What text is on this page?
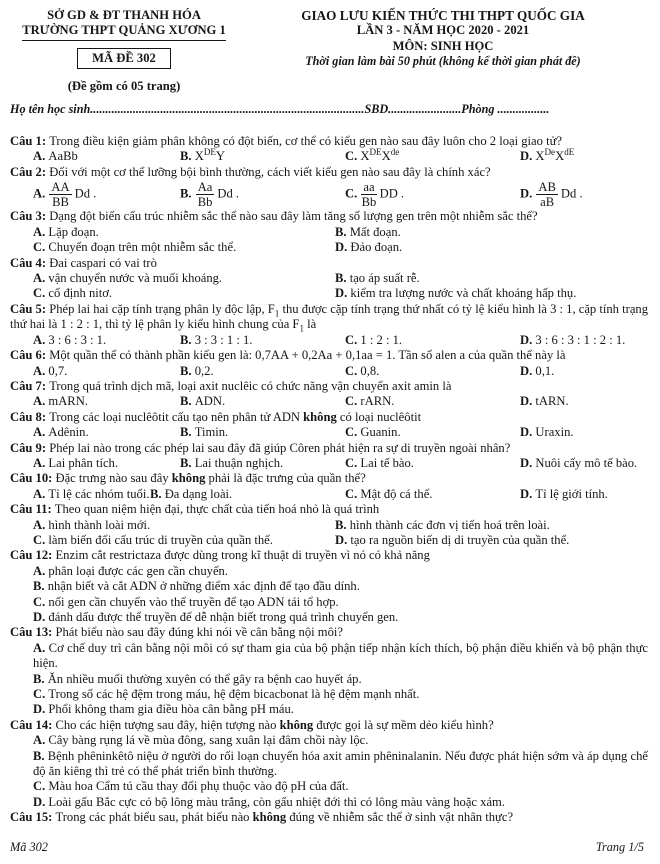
SỞ GD & ĐT THANH HÓA
TRƯỜNG THPT QUẢNG XƯƠNG 1
MÃ ĐỀ 302
(Đề gồm có 05 trang)
GIAO LƯU KIẾN THỨC THI THPT QUỐC GIA
LẦN 3 - NĂM HỌC 2020 - 2021
MÔN: SINH HỌC
Thời gian làm bài 50 phút (không kể thời gian phát đề)
Họ tên học sinh..........................................................................................SBD........................Phòng .................
Câu 1: Trong điều kiện giảm phân không có đột biến, cơ thể có kiểu gen nào sau đây luôn cho 2 loại giao tử?
A. AaBb	B. XDEY	C. XDEXde	D. XDeXdE
Câu 2: Đối với một cơ thể lưỡng bội bình thường, cách viết kiểu gen nào sau đây là chính xác?
A. $\frac{AA}{BB}$ Dd .	B. $\frac{Aa}{Bb}$ Dd .	C. $\frac{aa}{Bb}$ DD .	D. $\frac{AB}{aB}$ Dd .
Câu 3: Dạng đột biến cấu trúc nhiễm sắc thể nào sau đây làm tăng số lượng gen trên một nhiễm sắc thể?
A. Lặp đoạn.	B. Mất đoạn.
C. Chuyển đoạn trên một nhiễm sắc thể.	D. Đảo đoạn.
Câu 4: Đai caspari có vai trò
A. vận chuyển nước và muối khoáng.	B. tạo áp suất rễ.
C. cố định nitơ.	D. kiểm tra lượng nước và chất khoáng hấp thụ.
Câu 5: Phép lai hai cặp tính trạng phân ly độc lập, $F_1$ thu được cặp tính trạng thứ nhất có tỷ lệ kiểu hình là 3 : 1, cặp tính trạng thứ hai là 1 : 2 : 1, thì tỷ lệ phân ly kiểu hình chung của $F_1$ là
A. 3 : 6 : 3 : 1.	B. 3 : 3 : 1 : 1.	C. 1 : 2 : 1.	D. 3 : 6 : 3 : 1 : 2 : 1.
Câu 6: Một quần thể có thành phần kiểu gen là: 0,7AA + 0,2Aa + 0,1aa = 1. Tần số alen a của quần thể này là
A. 0,7.	B. 0,2.	C. 0,8.	D. 0,1.
Câu 7: Trong quá trình dịch mã, loại axit nuclêic có chức năng vận chuyển axit amin là
A. mARN.	B. ADN.	C. rARN.	D. tARN.
Câu 8: Trong các loại nuclêôtit cấu tạo nên phân tử ADN không có loại nuclêôtit
A. Adênin.	B. Timin.	C. Guanin.	D. Uraxin.
Câu 9: Phép lai nào trong các phép lai sau đây đã giúp Côren phát hiện ra sự di truyền ngoài nhân?
A. Lai phân tích.	B. Lai thuận nghịch.	C. Lai tế bào.	D. Nuôi cấy mô tế bào.
Câu 10: Đặc trưng nào sau đây không phải là đặc trưng của quần thể?
A. Tỉ lệ các nhóm tuổi. B. Đa dạng loài.	C. Mật độ cá thể.	D. Tỉ lệ giới tính.
Câu 11: Theo quan niệm hiện đại, thực chất của tiến hoá nhỏ là quá trình
A. hình thành loài mới.	B. hình thành các đơn vị tiến hoá trên loài.
C. làm biến đổi cấu trúc di truyền của quần thể.	D. tạo ra nguồn biến dị di truyền của quần thể.
Câu 12: Enzim cắt restrictaza được dùng trong kĩ thuật di truyền vì nó có khả năng
A. phân loại được các gen cần chuyển.
B. nhận biết và cắt ADN ở những điểm xác định để tạo đầu dính.
C. nối gen cần chuyển vào thể truyền để tạo ADN tái tổ hợp.
D. đánh dấu được thể truyền để dễ nhận biết trong quá trình chuyển gen.
Câu 13: Phát biểu nào sau đây đúng khi nói về cân bằng nội môi?
A. Cơ chế duy trì cân bằng nội môi có sự tham gia của bộ phận tiếp nhận kích thích, bộ phận điều khiển và bộ phận thực hiện.
B. Ăn nhiều muối thường xuyên có thể gây ra bệnh cao huyết áp.
C. Trong số các hệ đệm trong máu, hệ đệm bicacbonat là hệ đệm mạnh nhất.
D. Phổi không tham gia điều hòa cân bằng pH máu.
Câu 14: Cho các hiện tượng sau đây, hiện tượng nào không được gọi là sự mềm dẻo kiểu hình?
A. Cây bàng rụng lá về mùa đông, sang xuân lại đâm chồi này lộc.
B. Bệnh phêninkêtô niệu ở người do rối loạn chuyển hóa axit amin phêninalanin. Nếu được phát hiện sớm và áp dụng chế độ ăn kiêng thì trẻ có thể phát triển bình thường.
C. Màu hoa Cẩm tú cầu thay đổi phụ thuộc vào độ pH của đất.
D. Loài gấu Bắc cực có bộ lông màu trắng, còn gấu nhiệt đới thì có lông màu vàng hoặc xám.
Câu 15: Trong các phát biểu sau, phát biểu nào không đúng về nhiễm sắc thể ở sinh vật nhân thực?
Mã 302	Trang 1/5
